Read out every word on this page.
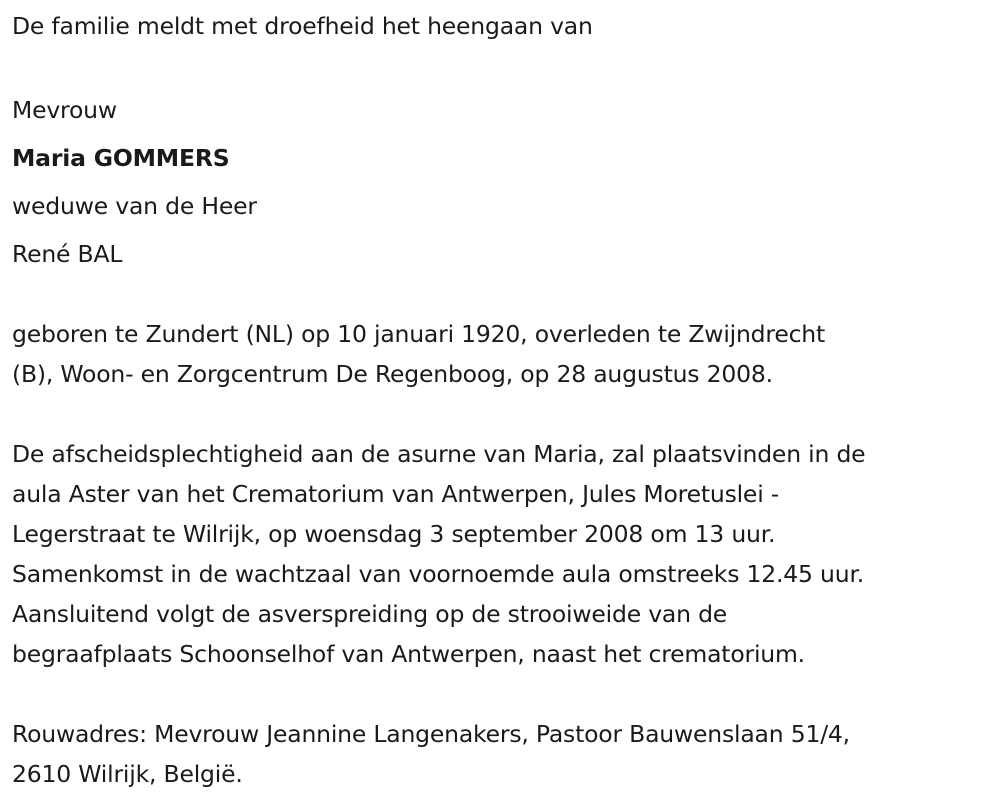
De familie meldt met droefheid het heengaan van
Mevrouw
Maria GOMMERS
weduwe van de Heer
René BAL
geboren te Zundert (NL) op 10 januari 1920, overleden te Zwijndrecht
(B), Woon- en Zorgcentrum De Regenboog, op 28 augustus 2008.
De afscheidsplechtigheid aan de asurne van Maria, zal plaatsvinden in de
aula Aster van het Crematorium van Antwerpen, Jules Moretuslei -
Legerstraat te Wilrijk, op woensdag 3 september 2008 om 13 uur.
Samenkomst in de wachtzaal van voornoemde aula omstreeks 12.45 uur.
Aansluitend volgt de asverspreiding op de strooiweide van de
begraafplaats Schoonselhof van Antwerpen, naast het crematorium.
Rouwadres: Mevrouw Jeannine Langenakers, Pastoor Bauwenslaan 51/4,
2610 Wilrijk, België.
